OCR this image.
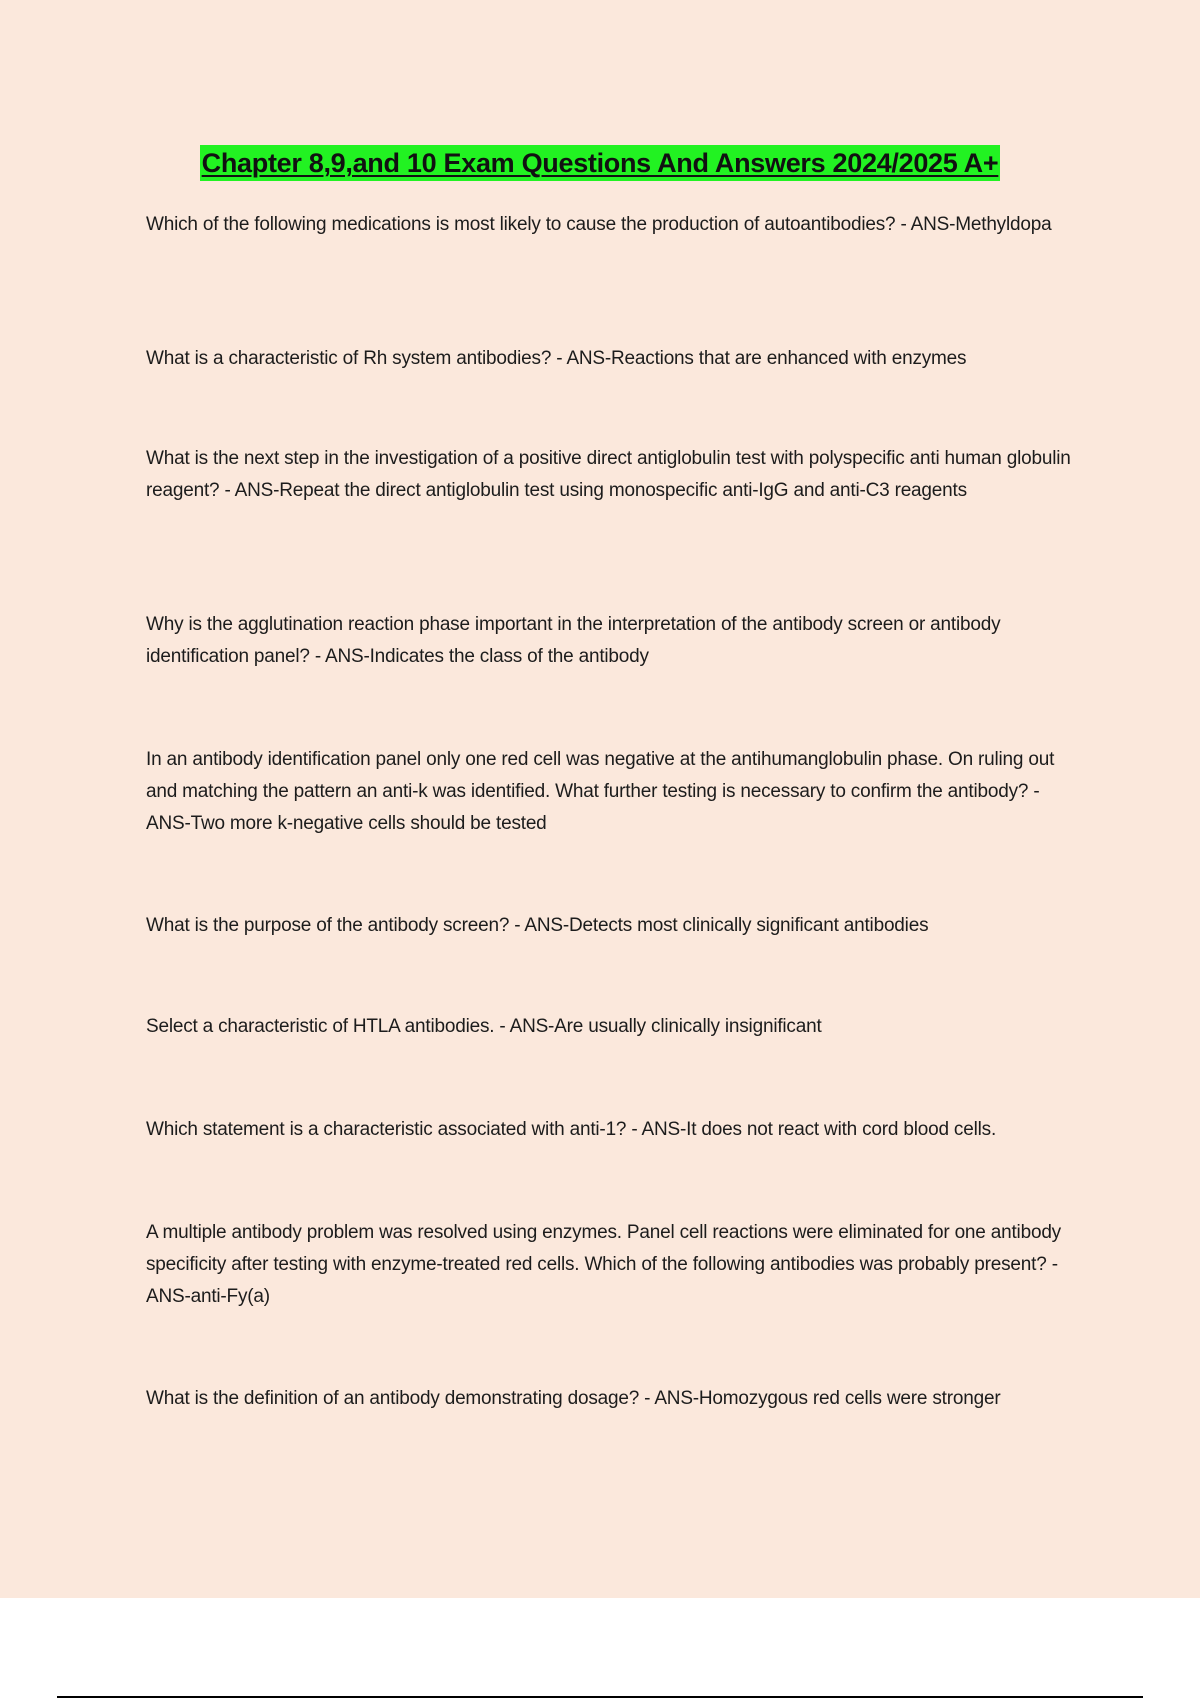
Chapter 8,9,and 10 Exam Questions And Answers 2024/2025 A+
Which of the following medications is most likely to cause the production of autoantibodies? - ANS-Methyldopa
What is a characteristic of Rh system antibodies? - ANS-Reactions that are enhanced with enzymes
What is the next step in the investigation of a positive direct antiglobulin test with polyspecific anti human globulin reagent? - ANS-Repeat the direct antiglobulin test using monospecific anti-IgG and anti-C3 reagents
Why is the agglutination reaction phase important in the interpretation of the antibody screen or antibody identification panel? - ANS-Indicates the class of the antibody
In an antibody identification panel only one red cell was negative at the antihumanglobulin phase. On ruling out and matching the pattern an anti-k was identified. What further testing is necessary to confirm the antibody? - ANS-Two more k-negative cells should be tested
What is the purpose of the antibody screen? - ANS-Detects most clinically significant antibodies
Select a characteristic of HTLA antibodies. - ANS-Are usually clinically insignificant
Which statement is a characteristic associated with anti-1? - ANS-It does not react with cord blood cells.
A multiple antibody problem was resolved using enzymes. Panel cell reactions were eliminated for one antibody specificity after testing with enzyme-treated red cells. Which of the following antibodies was probably present? - ANS-anti-Fy(a)
What is the definition of an antibody demonstrating dosage? - ANS-Homozygous red cells were stronger
